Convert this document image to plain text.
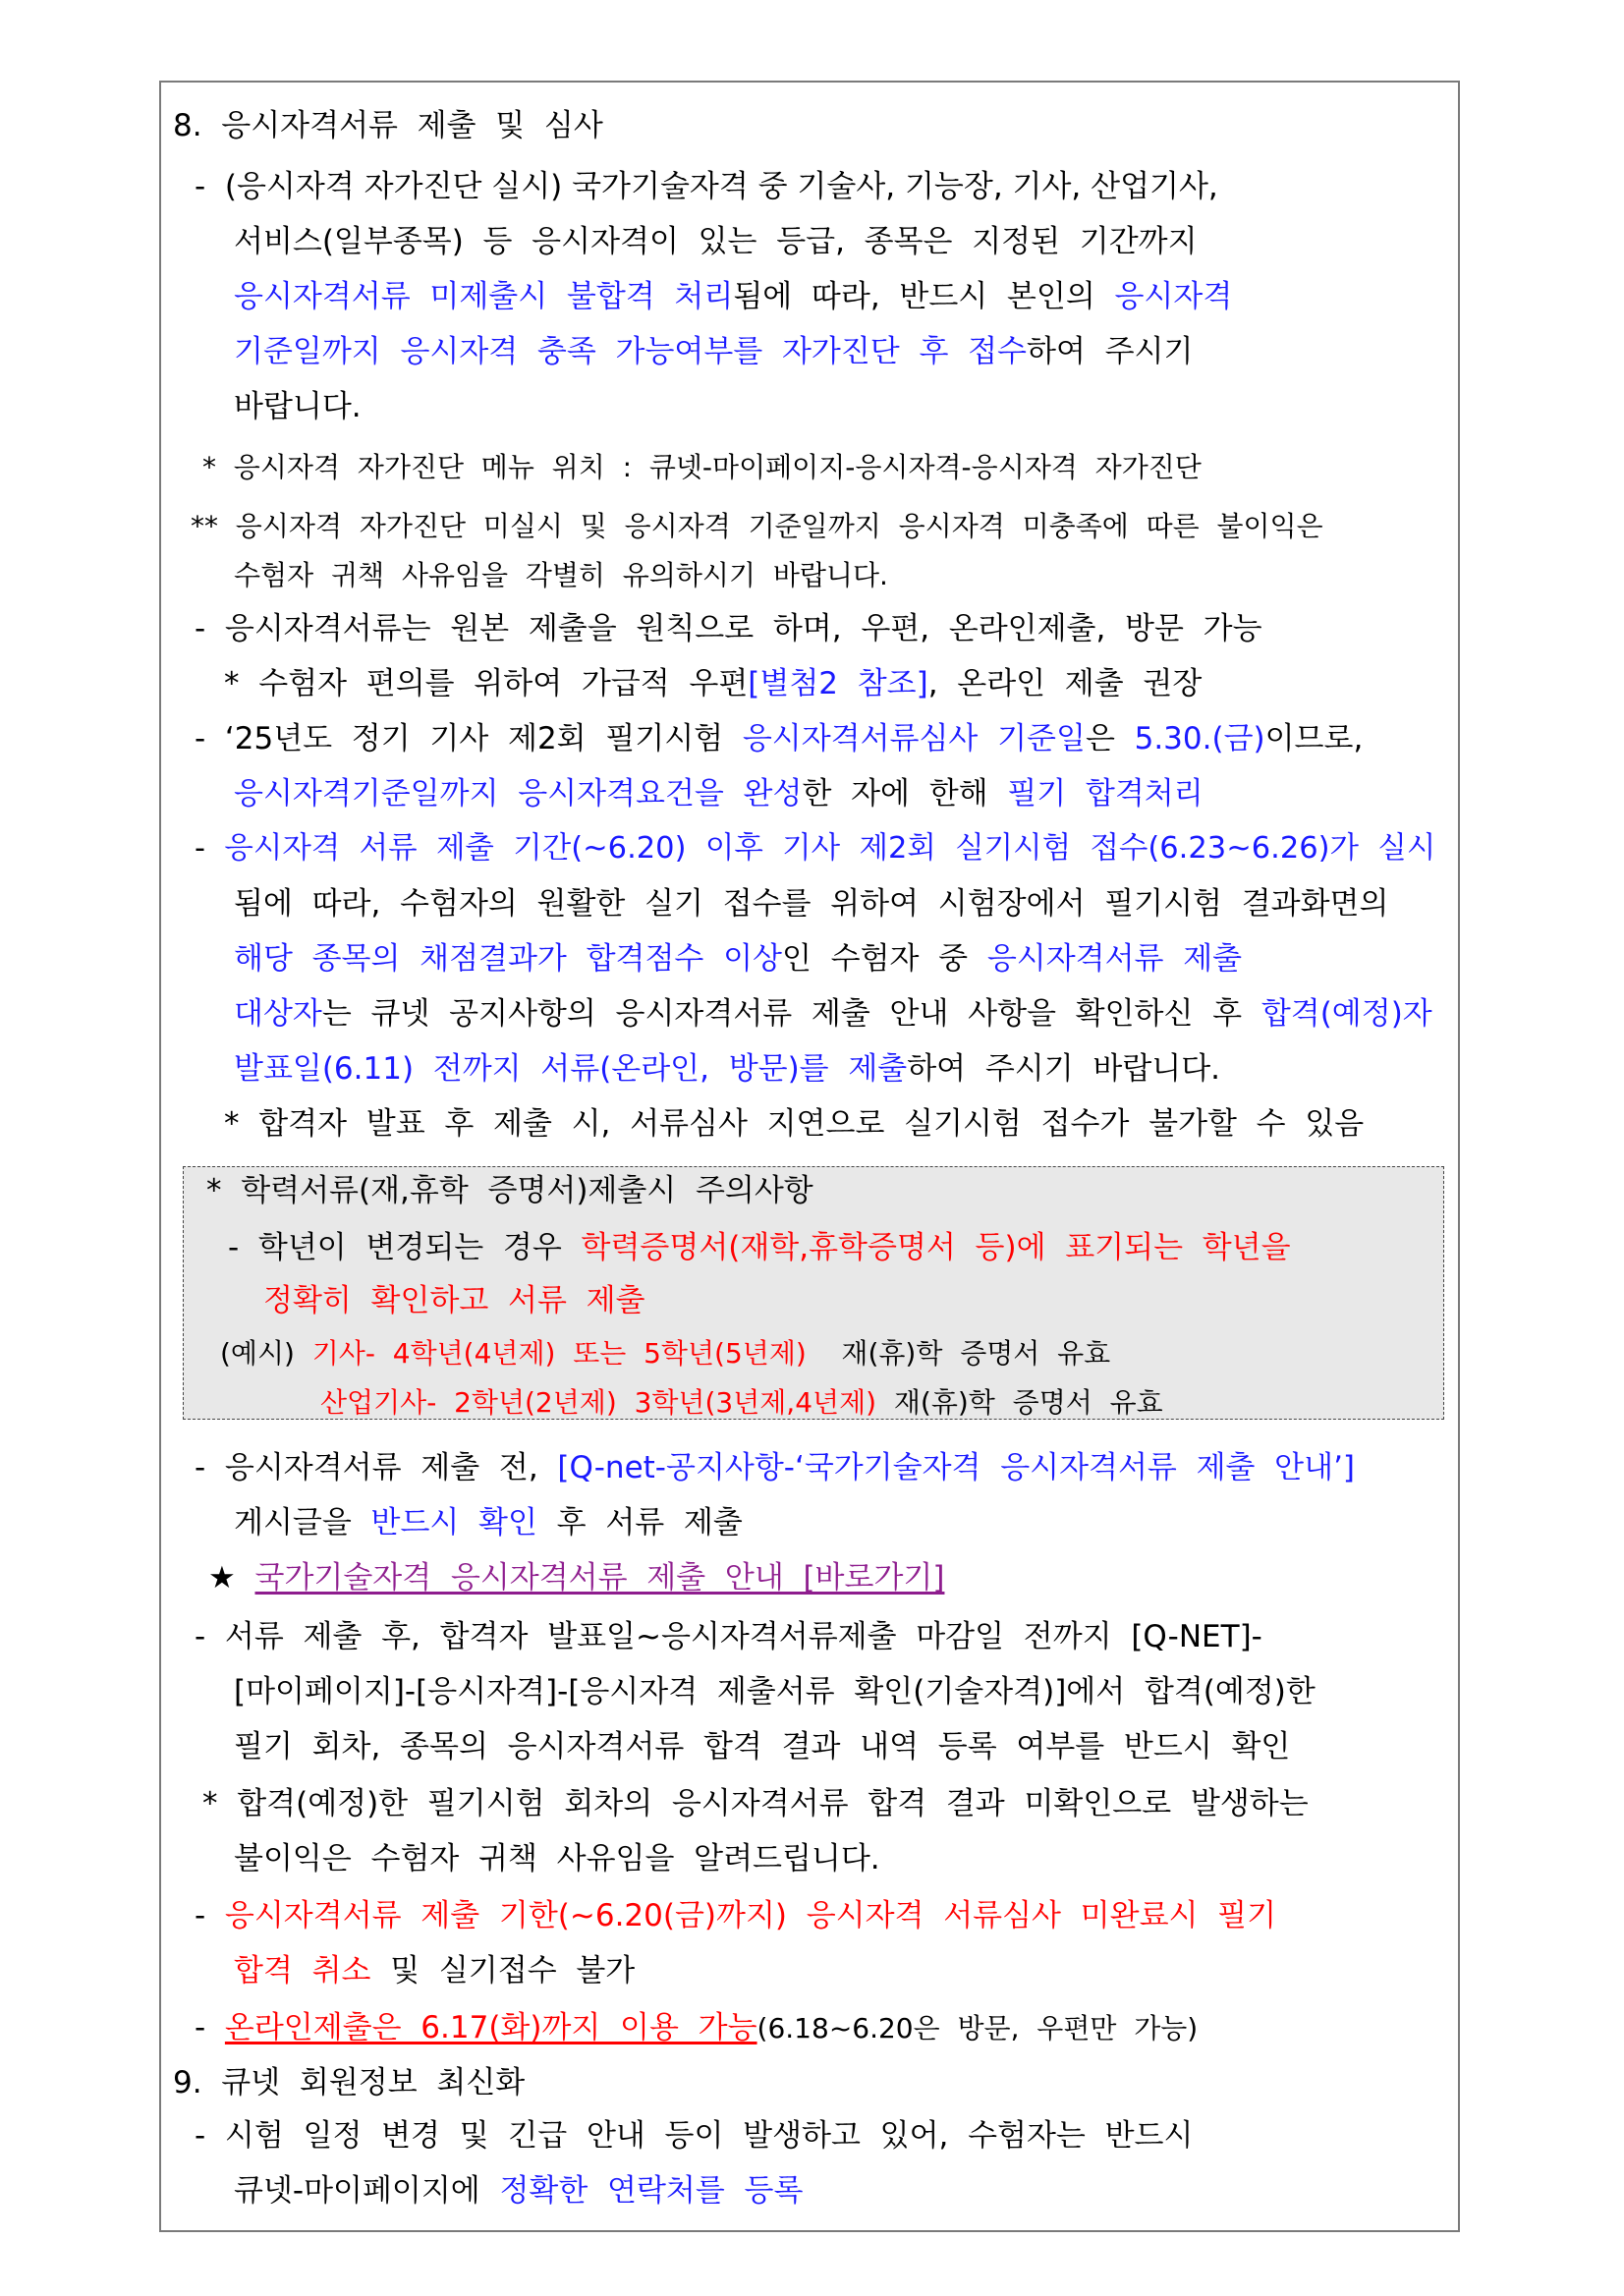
8.  응시자격서류  제출  및  심사
-  (응시자격 자가진단 실시) 국가기술자격 중 기술사, 기능장, 기사, 산업기사,
서비스(일부종목)  등  응시자격이  있는  등급,  종목은  지정된  기간까지
응시자격서류  미제출시  불합격  처리됨에  따라,  반드시  본인의  응시자격
기준일까지  응시자격  충족  가능여부를  자가진단  후  접수하여  주시기
바랍니다.
*  응시자격  자가진단  메뉴  위치  :  큐넷-마이페이지-응시자격-응시자격  자가진단
**  응시자격  자가진단  미실시  및  응시자격  기준일까지  응시자격  미충족에  따른  불이익은
수험자  귀책  사유임을  각별히  유의하시기  바랍니다.
-  응시자격서류는  원본  제출을  원칙으로  하며,  우편,  온라인제출,  방문  가능
*  수험자  편의를  위하여  가급적  우편[별첨2  참조],  온라인  제출  권장
-  ‘25년도  정기  기사  제2회  필기시험  응시자격서류심사  기준일은  5.30.(금)이므로,
응시자격기준일까지  응시자격요건을  완성한  자에  한해  필기  합격처리
-  응시자격  서류  제출  기간(~6.20)  이후  기사  제2회  실기시험  접수(6.23~6.26)가  실시
됨에  따라,  수험자의  원활한  실기  접수를  위하여  시험장에서  필기시험  결과화면의
해당  종목의  채점결과가  합격점수  이상인  수험자  중  응시자격서류  제출
대상자는  큐넷  공지사항의  응시자격서류  제출  안내  사항을  확인하신  후  합격(예정)자
발표일(6.11)  전까지  서류(온라인,  방문)를  제출하여  주시기  바랍니다.
*  합격자  발표  후  제출  시,  서류심사  지연으로  실기시험  접수가  불가할  수  있음
*  학력서류(재,휴학  증명서)제출시  주의사항
-  학년이  변경되는  경우  학력증명서(재학,휴학증명서  등)에  표기되는  학년을
정확히  확인하고  서류  제출
(예시)  기사-  4학년(4년제)  또는  5학년(5년제)    재(휴)학  증명서  유효
산업기사-  2학년(2년제)  3학년(3년제,4년제)  재(휴)학  증명서  유효
-  응시자격서류  제출  전,  [Q-net-공지사항-‘국가기술자격  응시자격서류  제출  안내’]
게시글을  반드시  확인  후  서류  제출
★  국가기술자격  응시자격서류  제출  안내  [바로가기]
-  서류  제출  후,  합격자  발표일~응시자격서류제출  마감일  전까지  [Q-NET]-
[마이페이지]-[응시자격]-[응시자격  제출서류  확인(기술자격)]에서  합격(예정)한
필기  회차,  종목의  응시자격서류  합격  결과  내역  등록  여부를  반드시  확인
*  합격(예정)한  필기시험  회차의  응시자격서류  합격  결과  미확인으로  발생하는
불이익은  수험자  귀책  사유임을  알려드립니다.
-  응시자격서류  제출  기한(~6.20(금)까지)  응시자격  서류심사  미완료시  필기
합격  취소  및  실기접수  불가
-  온라인제출은  6.17(화)까지  이용  가능(6.18~6.20은  방문,  우편만  가능)
9.  큐넷  회원정보  최신화
-  시험  일정  변경  및  긴급  안내  등이  발생하고  있어,  수험자는  반드시
큐넷-마이페이지에  정확한  연락처를  등록
